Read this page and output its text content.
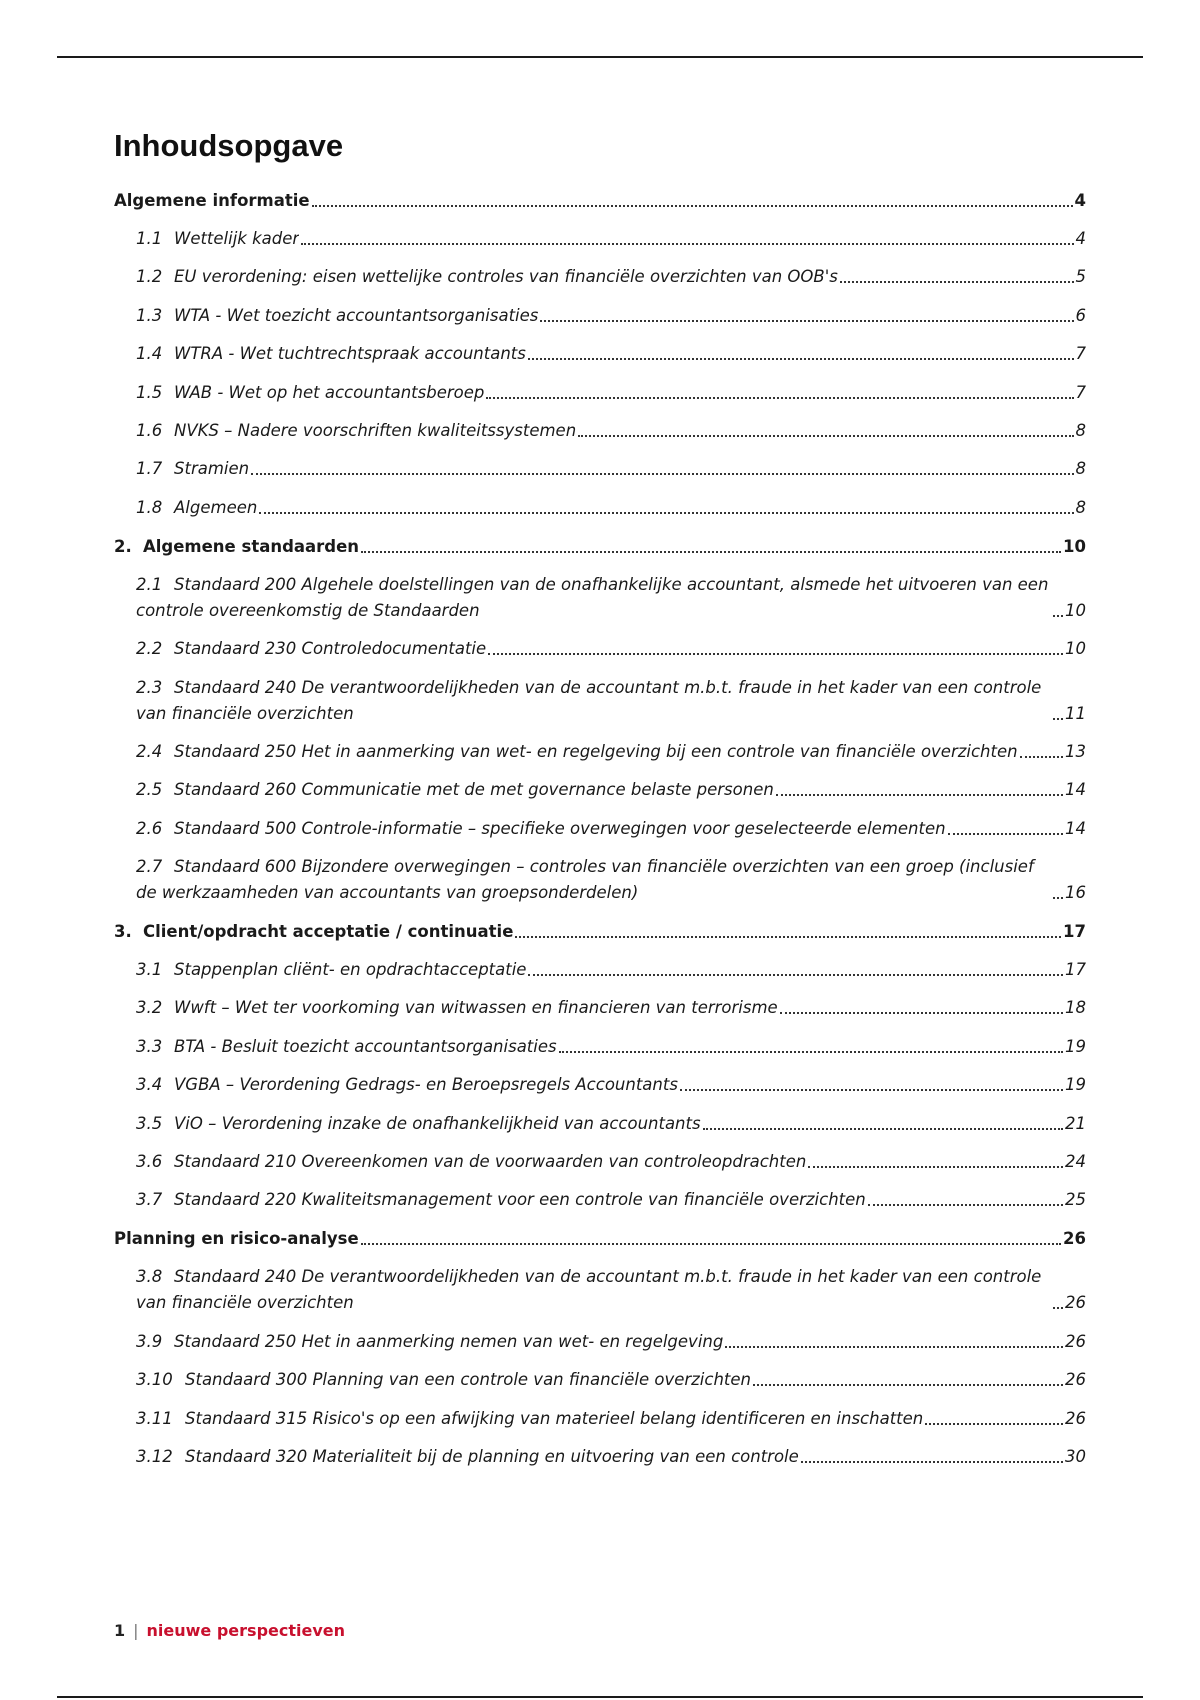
Inhoudsopgave
Algemene informatie	4
1.1 Wettelijk kader	4
1.2 EU verordening: eisen wettelijke controles van financiële overzichten van OOB's	5
1.3 WTA - Wet toezicht accountantsorganisaties	6
1.4 WTRA - Wet tuchtrechtspraak accountants	7
1.5 WAB - Wet op het accountantsberoep	7
1.6 NVKS – Nadere voorschriften kwaliteitssystemen	8
1.7 Stramien	8
1.8 Algemeen	8
2. Algemene standaarden	10
2.1 Standaard 200 Algehele doelstellingen van de onafhankelijke accountant, alsmede het uitvoeren van een controle overeenkomstig de Standaarden	10
2.2 Standaard 230 Controledocumentatie	10
2.3 Standaard 240 De verantwoordelijkheden van de accountant m.b.t. fraude in het kader van een controle van financiële overzichten	11
2.4 Standaard 250 Het in aanmerking van wet- en regelgeving bij een controle van financiële overzichten	13
2.5 Standaard 260 Communicatie met de met governance belaste personen	14
2.6 Standaard 500 Controle-informatie – specifieke overwegingen voor geselecteerde elementen	14
2.7 Standaard 600 Bijzondere overwegingen – controles van financiële overzichten van een groep (inclusief de werkzaamheden van accountants van groepsonderdelen)	16
3. Client/opdracht acceptatie / continuatie	17
3.1 Stappenplan cliënt- en opdrachtacceptatie	17
3.2 Wwft – Wet ter voorkoming van witwassen en financieren van terrorisme	18
3.3 BTA - Besluit toezicht accountantsorganisaties	19
3.4 VGBA – Verordening Gedrags- en Beroepsregels Accountants	19
3.5 ViO – Verordening inzake de onafhankelijkheid van accountants	21
3.6 Standaard 210 Overeenkomen van de voorwaarden van controleopdrachten	24
3.7 Standaard 220 Kwaliteitsmanagement voor een controle van financiële overzichten	25
Planning en risico-analyse	26
3.8 Standaard 240 De verantwoordelijkheden van de accountant m.b.t. fraude in het kader van een controle van financiële overzichten	26
3.9 Standaard 250 Het in aanmerking nemen van wet- en regelgeving	26
3.10 Standaard 300 Planning van een controle van financiële overzichten	26
3.11 Standaard 315 Risico's op een afwijking van materieel belang identificeren en inschatten	26
3.12 Standaard 320 Materialiteit bij de planning en uitvoering van een controle	30
1 | nieuwe perspectieven
